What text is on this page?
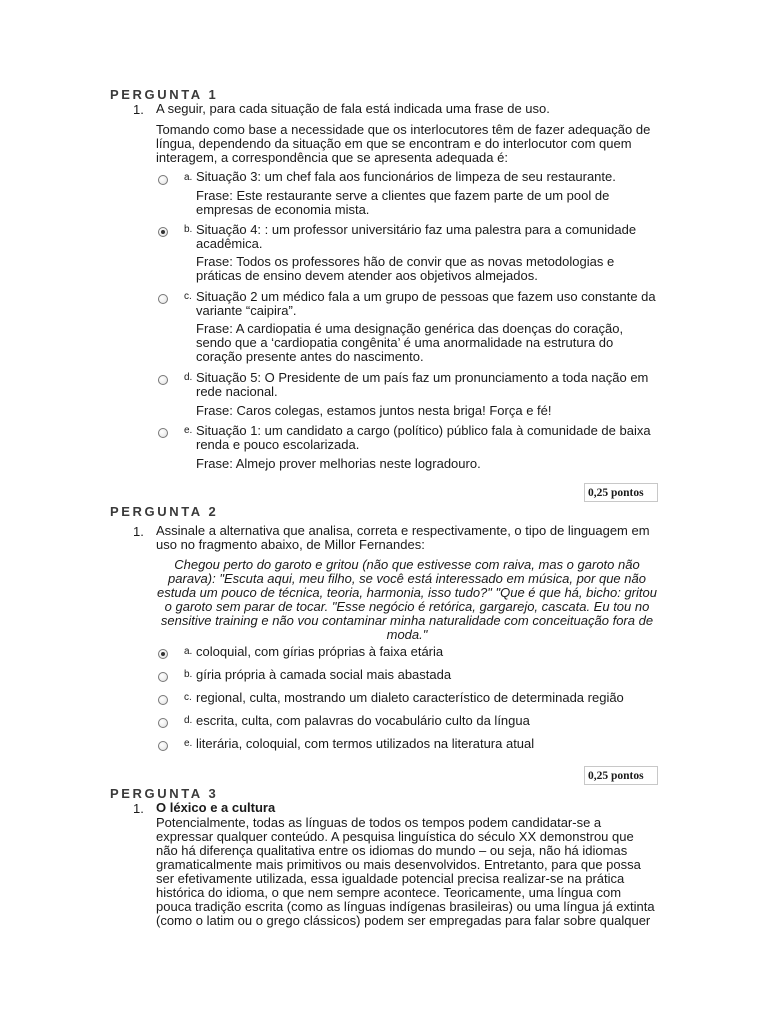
PERGUNTA 1
1. A seguir, para cada situação de fala está indicada uma frase de uso.
Tomando como base a necessidade que os interlocutores têm de fazer adequação de língua, dependendo da situação em que se encontram e do interlocutor com quem interagem, a correspondência que se apresenta adequada é:
a. Situação 3: um chef fala aos funcionários de limpeza de seu restaurante.
Frase: Este restaurante serve a clientes que fazem parte de um pool de empresas de economia mista.
b. Situação 4: : um professor universitário faz uma palestra para a comunidade acadêmica.
Frase: Todos os professores hão de convir que as novas metodologias e práticas de ensino devem atender aos objetivos almejados.
c. Situação 2 um médico fala a um grupo de pessoas que fazem uso constante da variante “caipira”.
Frase: A cardiopatia é uma designação genérica das doenças do coração, sendo que a ‘cardiopatia congênita’ é uma anormalidade na estrutura do coração presente antes do nascimento.
d. Situação 5: O Presidente de um país faz um pronunciamento a toda nação em rede nacional.
Frase: Caros colegas, estamos juntos nesta briga! Força e fé!
e. Situação 1: um candidato a cargo (político) público fala à comunidade de baixa renda e pouco escolarizada.
Frase: Almejo prover melhorias neste logradouro.
0,25 pontos
PERGUNTA 2
1. Assinale a alternativa que analisa, correta e respectivamente, o tipo de linguagem em uso no fragmento abaixo, de Millor Fernandes:
Chegou perto do garoto e gritou (não que estivesse com raiva, mas o garoto não parava): "Escuta aqui, meu filho, se você está interessado em música, por que não estuda um pouco de técnica, teoria, harmonia, isso tudo?" "Que é que há, bicho: gritou o garoto sem parar de tocar. "Esse negócio é retórica, gargarejo, cascata. Eu tou no sensitive training e não vou contaminar minha naturalidade com conceituação fora de moda."
a. coloquial, com gírias próprias à faixa etária
b. gíria própria à camada social mais abastada
c. regional, culta, mostrando um dialeto característico de determinada região
d. escrita, culta, com palavras do vocabulário culto da língua
e. literária, coloquial, com termos utilizados na literatura atual
0,25 pontos
PERGUNTA 3
1. O léxico e a cultura
Potencialmente, todas as línguas de todos os tempos podem candidatar-se a expressar qualquer conteúdo. A pesquisa linguística do século XX demonstrou que não há diferença qualitativa entre os idiomas do mundo – ou seja, não há idiomas gramaticalmente mais primitivos ou mais desenvolvidos. Entretanto, para que possa ser efetivamente utilizada, essa igualdade potencial precisa realizar-se na prática histórica do idioma, o que nem sempre acontece. Teoricamente, uma língua com pouca tradição escrita (como as línguas indígenas brasileiras) ou uma língua já extinta (como o latim ou o grego clássicos) podem ser empregadas para falar sobre qualquer
